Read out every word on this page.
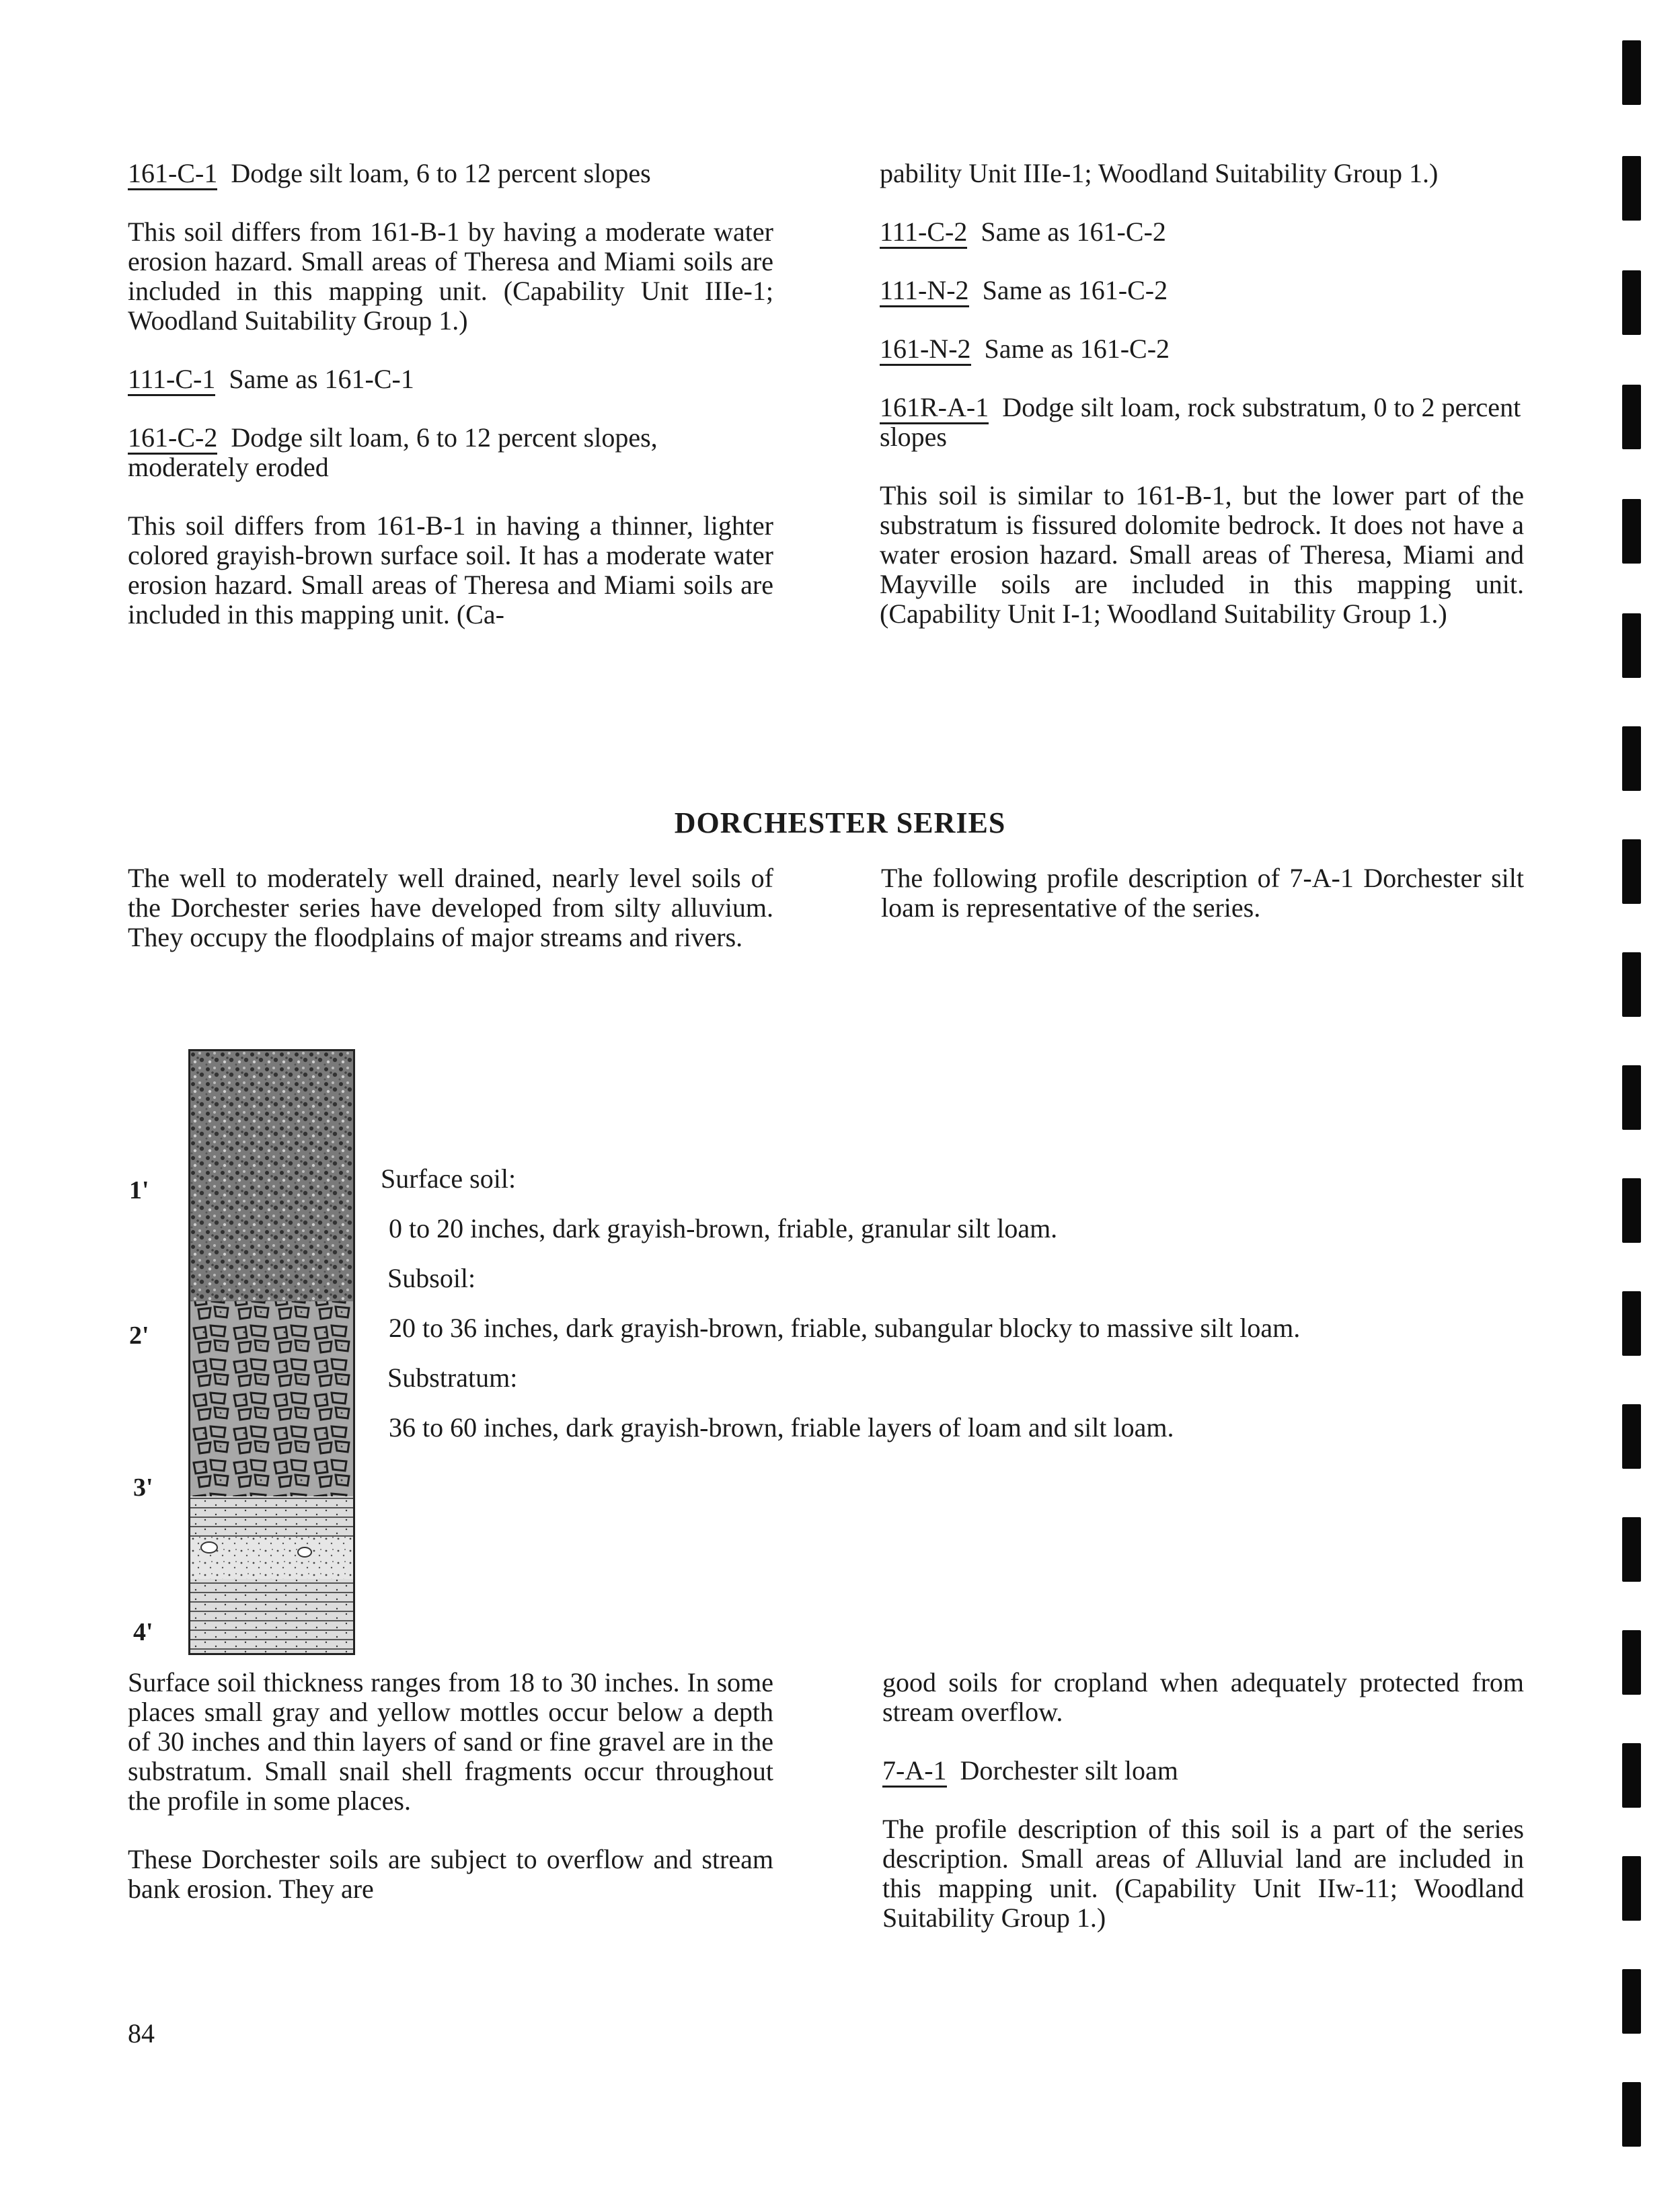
161-C-1 Dodge silt loam, 6 to 12 percent slopes

This soil differs from 161-B-1 by having a moderate water erosion hazard. Small areas of Theresa and Miami soils are included in this mapping unit. (Capability Unit IIIe-1; Woodland Suitability Group 1.)

111-C-1 Same as 161-C-1

161-C-2 Dodge silt loam, 6 to 12 percent slopes, moderately eroded

This soil differs from 161-B-1 in having a thinner, lighter colored grayish-brown surface soil. It has a moderate water erosion hazard. Small areas of Theresa and Miami soils are included in this mapping unit. (Ca-

pability Unit IIIe-1; Woodland Suitability Group 1.)

111-C-2 Same as 161-C-2

111-N-2 Same as 161-C-2

161-N-2 Same as 161-C-2

161R-A-1 Dodge silt loam, rock substratum, 0 to 2 percent slopes

This soil is similar to 161-B-1, but the lower part of the substratum is fissured dolomite bedrock. It does not have a water erosion hazard. Small areas of Theresa, Miami and Mayville soils are included in this mapping unit. (Capability Unit I-1; Woodland Suitability Group 1.)

DORCHESTER SERIES

The well to moderately well drained, nearly level soils of the Dorchester series have developed from silty alluvium. They occupy the floodplains of major streams and rivers.

The following profile description of 7-A-1 Dorchester silt loam is representative of the series.

1'
2'
3'
4'

Surface soil:

0 to 20 inches, dark grayish-brown, friable, granular silt loam.

Subsoil:

20 to 36 inches, dark grayish-brown, friable, subangular blocky to massive silt loam.

Substratum:

36 to 60 inches, dark grayish-brown, friable layers of loam and silt loam.

Surface soil thickness ranges from 18 to 30 inches. In some places small gray and yellow mottles occur below a depth of 30 inches and thin layers of sand or fine gravel are in the substratum. Small snail shell fragments occur throughout the profile in some places.

These Dorchester soils are subject to overflow and stream bank erosion. They are

good soils for cropland when adequately protected from stream overflow.

7-A-1 Dorchester silt loam

The profile description of this soil is a part of the series description. Small areas of Alluvial land are included in this mapping unit. (Capability Unit IIw-11; Woodland Suitability Group 1.)

84
